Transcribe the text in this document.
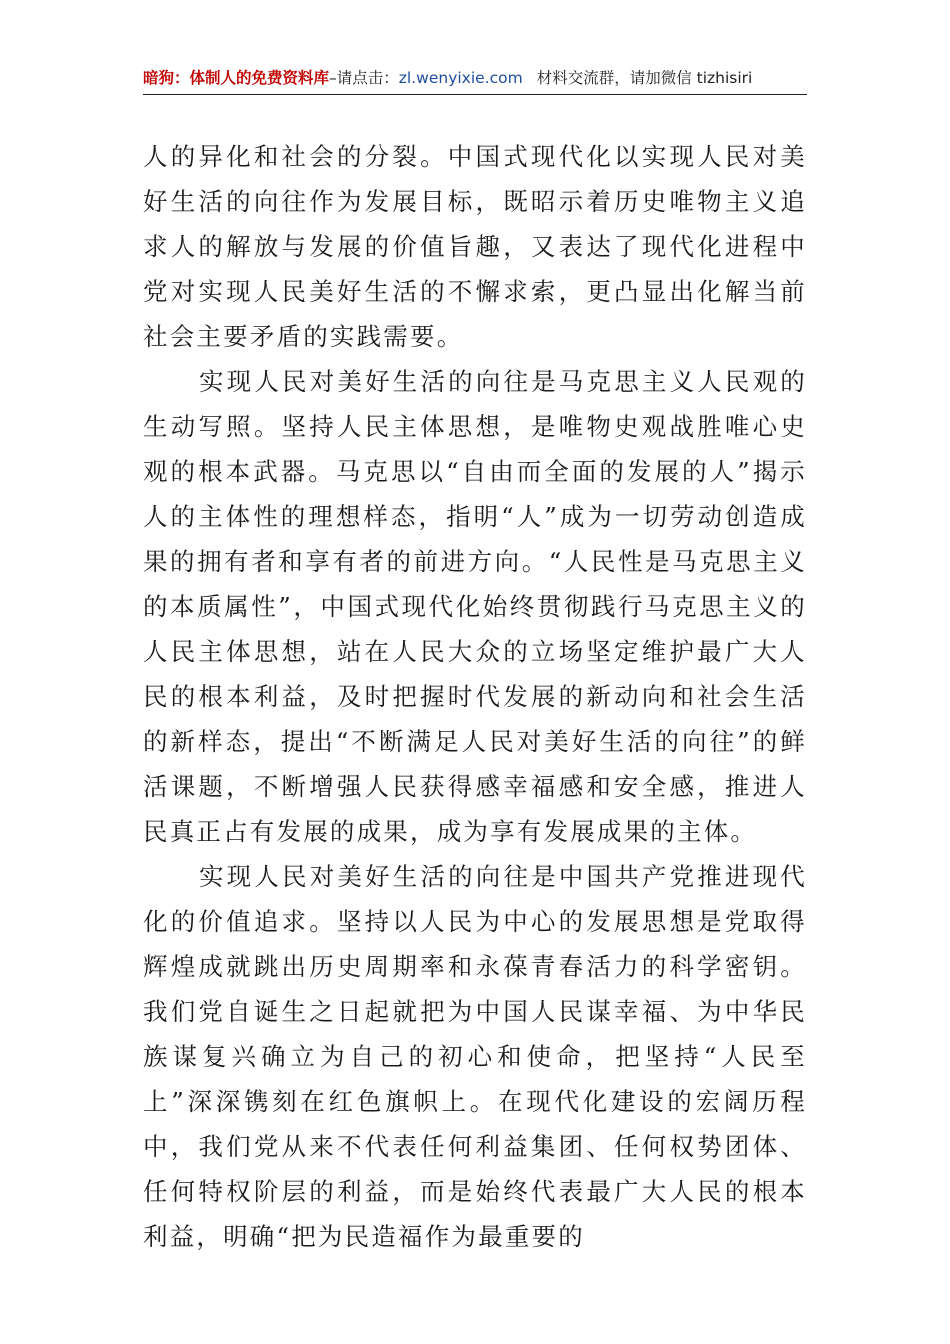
暗狗：体制人的免费资料库–请点击：zl.wenyixie.com 材料交流群，请加微信 tizhisiri

人的异化和社会的分裂。中国式现代化以实现人民对美好生活的向往作为发展目标，既昭示着历史唯物主义追求人的解放与发展的价值旨趣，又表达了现代化进程中党对实现人民美好生活的不懈求索，更凸显出化解当前社会主要矛盾的实践需要。

实现人民对美好生活的向往是马克思主义人民观的生动写照。坚持人民主体思想，是唯物史观战胜唯心史观的根本武器。马克思以“自由而全面的发展的人”揭示人的主体性的理想样态，指明“人”成为一切劳动创造成果的拥有者和享有者的前进方向。“人民性是马克思主义的本质属性”，中国式现代化始终贯彻践行马克思主义的人民主体思想，站在人民大众的立场坚定维护最广大人民的根本利益，及时把握时代发展的新动向和社会生活的新样态，提出“不断满足人民对美好生活的向往”的鲜活课题，不断增强人民获得感幸福感和安全感，推进人民真正占有发展的成果，成为享有发展成果的主体。

实现人民对美好生活的向往是中国共产党推进现代化的价值追求。坚持以人民为中心的发展思想是党取得辉煌成就跳出历史周期率和永葆青春活力的科学密钥。我们党自诞生之日起就把为中国人民谋幸福、为中华民族谋复兴确立为自己的初心和使命，把坚持“人民至上”深深镌刻在红色旗帜上。在现代化建设的宏阔历程中，我们党从来不代表任何利益集团、任何权势团体、任何特权阶层的利益，而是始终代表最广大人民的根本利益，明确“把为民造福作为最重要的
